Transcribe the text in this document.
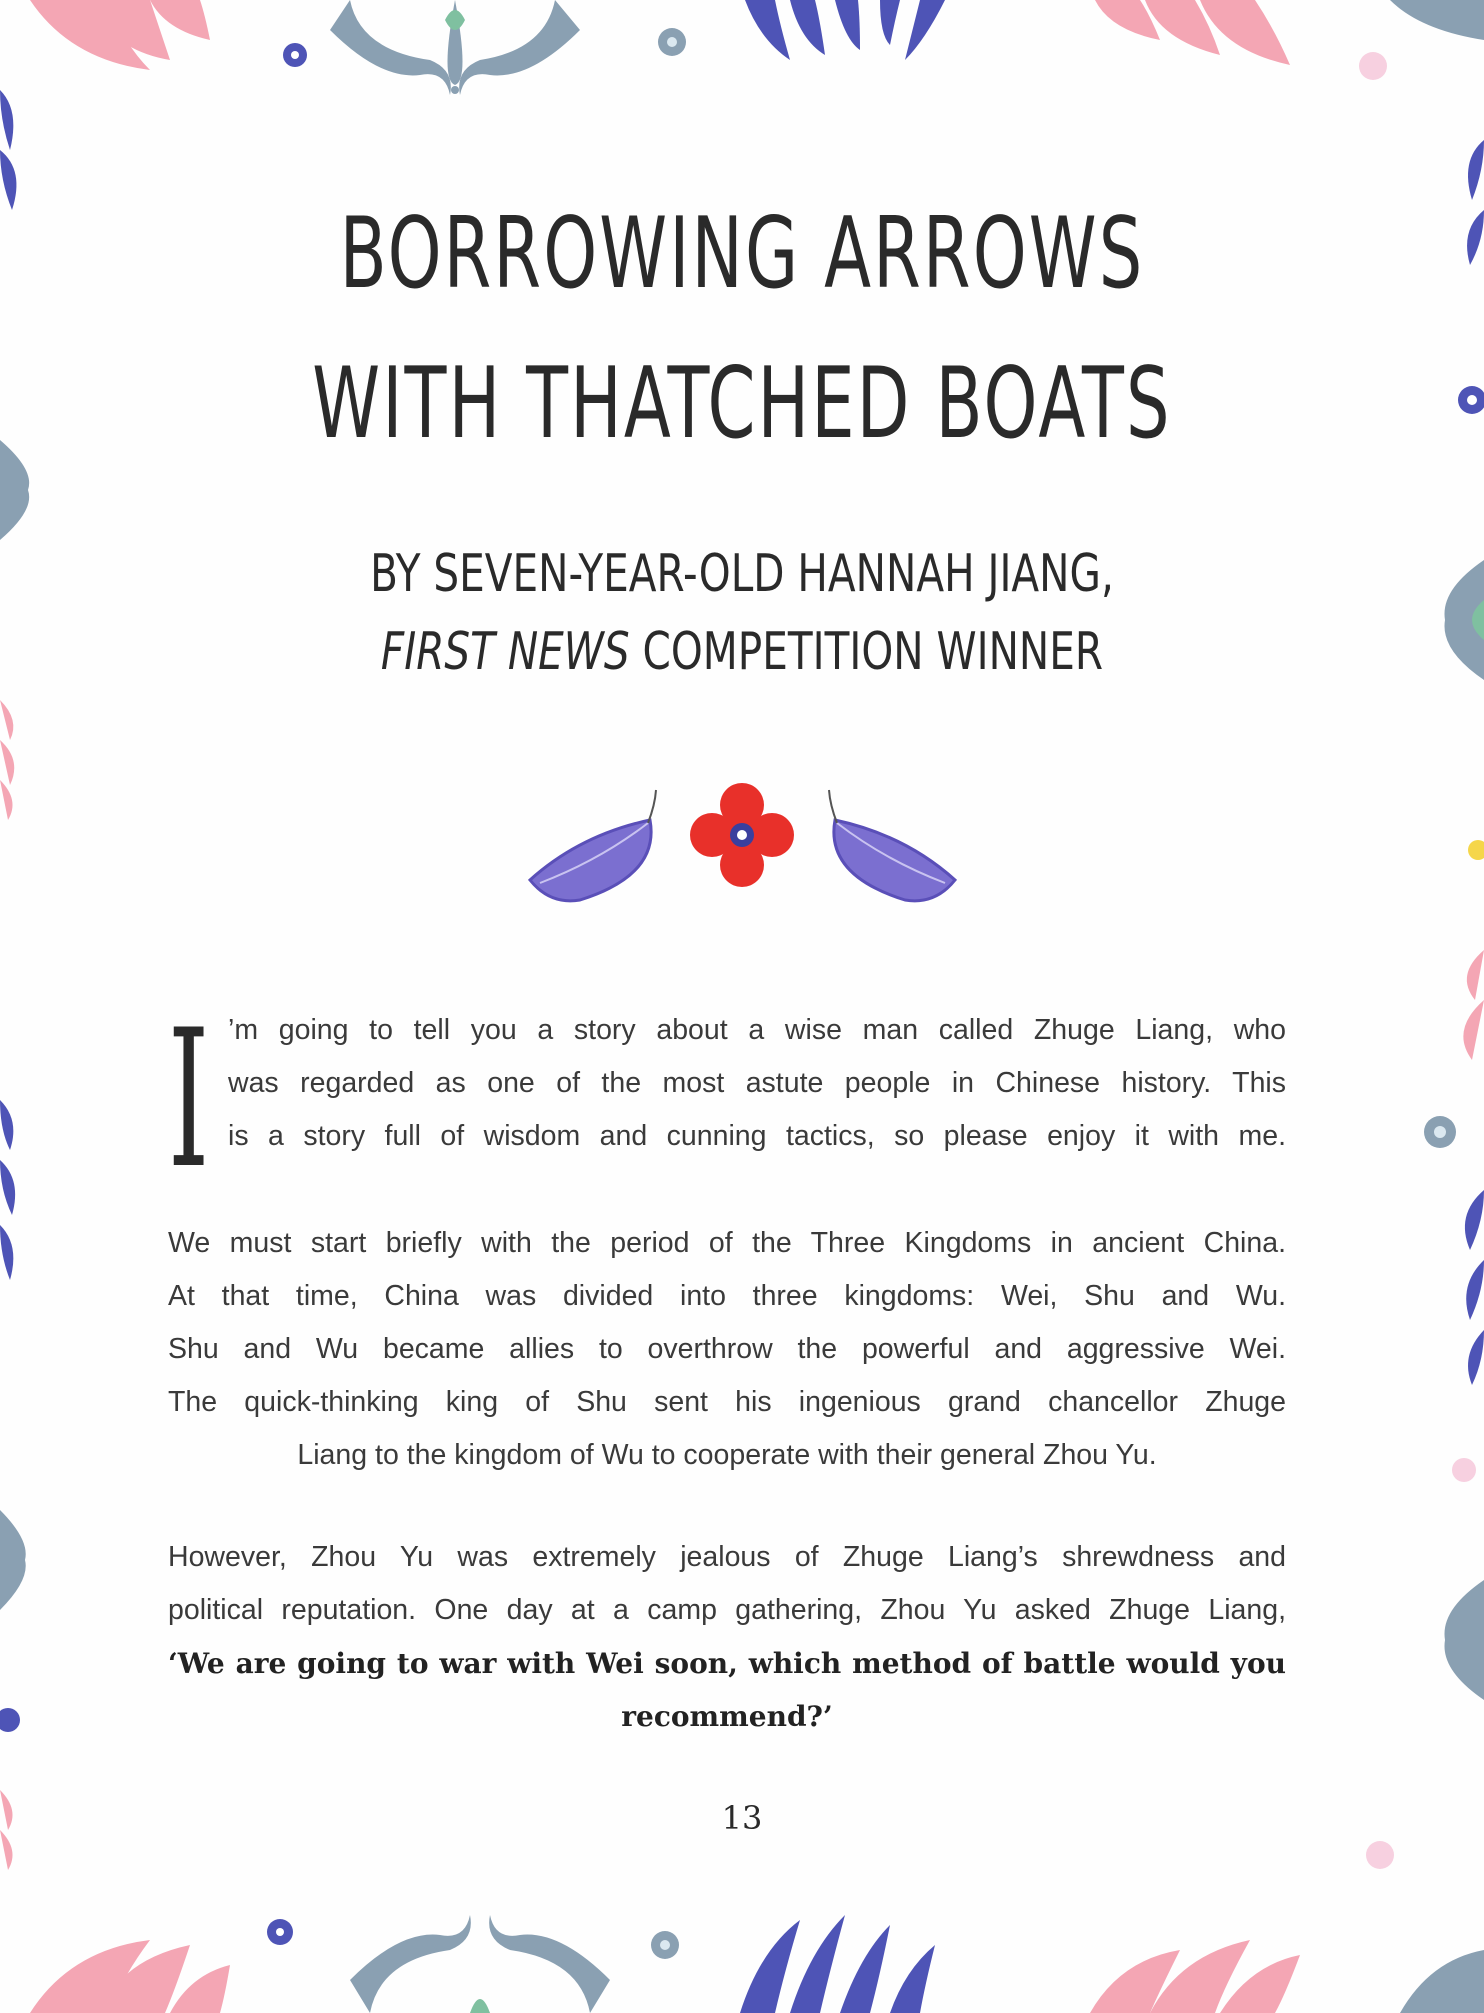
BORROWING ARROWS
WITH THATCHED BOATS
BY SEVEN-YEAR-OLD HANNAH JIANG,
FIRST NEWS COMPETITION WINNER
I ’m going to tell you a story about a wise man called Zhuge Liang, who
was regarded as one of the most astute people in Chinese history. This
is a story full of wisdom and cunning tactics, so please enjoy it with me.
We must start briefly with the period of the Three Kingdoms in ancient China.
At that time, China was divided into three kingdoms: Wei, Shu and Wu.
Shu and Wu became allies to overthrow the powerful and aggressive Wei.
The quick-thinking king of Shu sent his ingenious grand chancellor Zhuge
Liang to the kingdom of Wu to cooperate with their general Zhou Yu.
However, Zhou Yu was extremely jealous of Zhuge Liang’s shrewdness and
political reputation. One day at a camp gathering, Zhou Yu asked Zhuge Liang,
‘We are going to war with Wei soon, which method of battle would you
recommend?’
13
